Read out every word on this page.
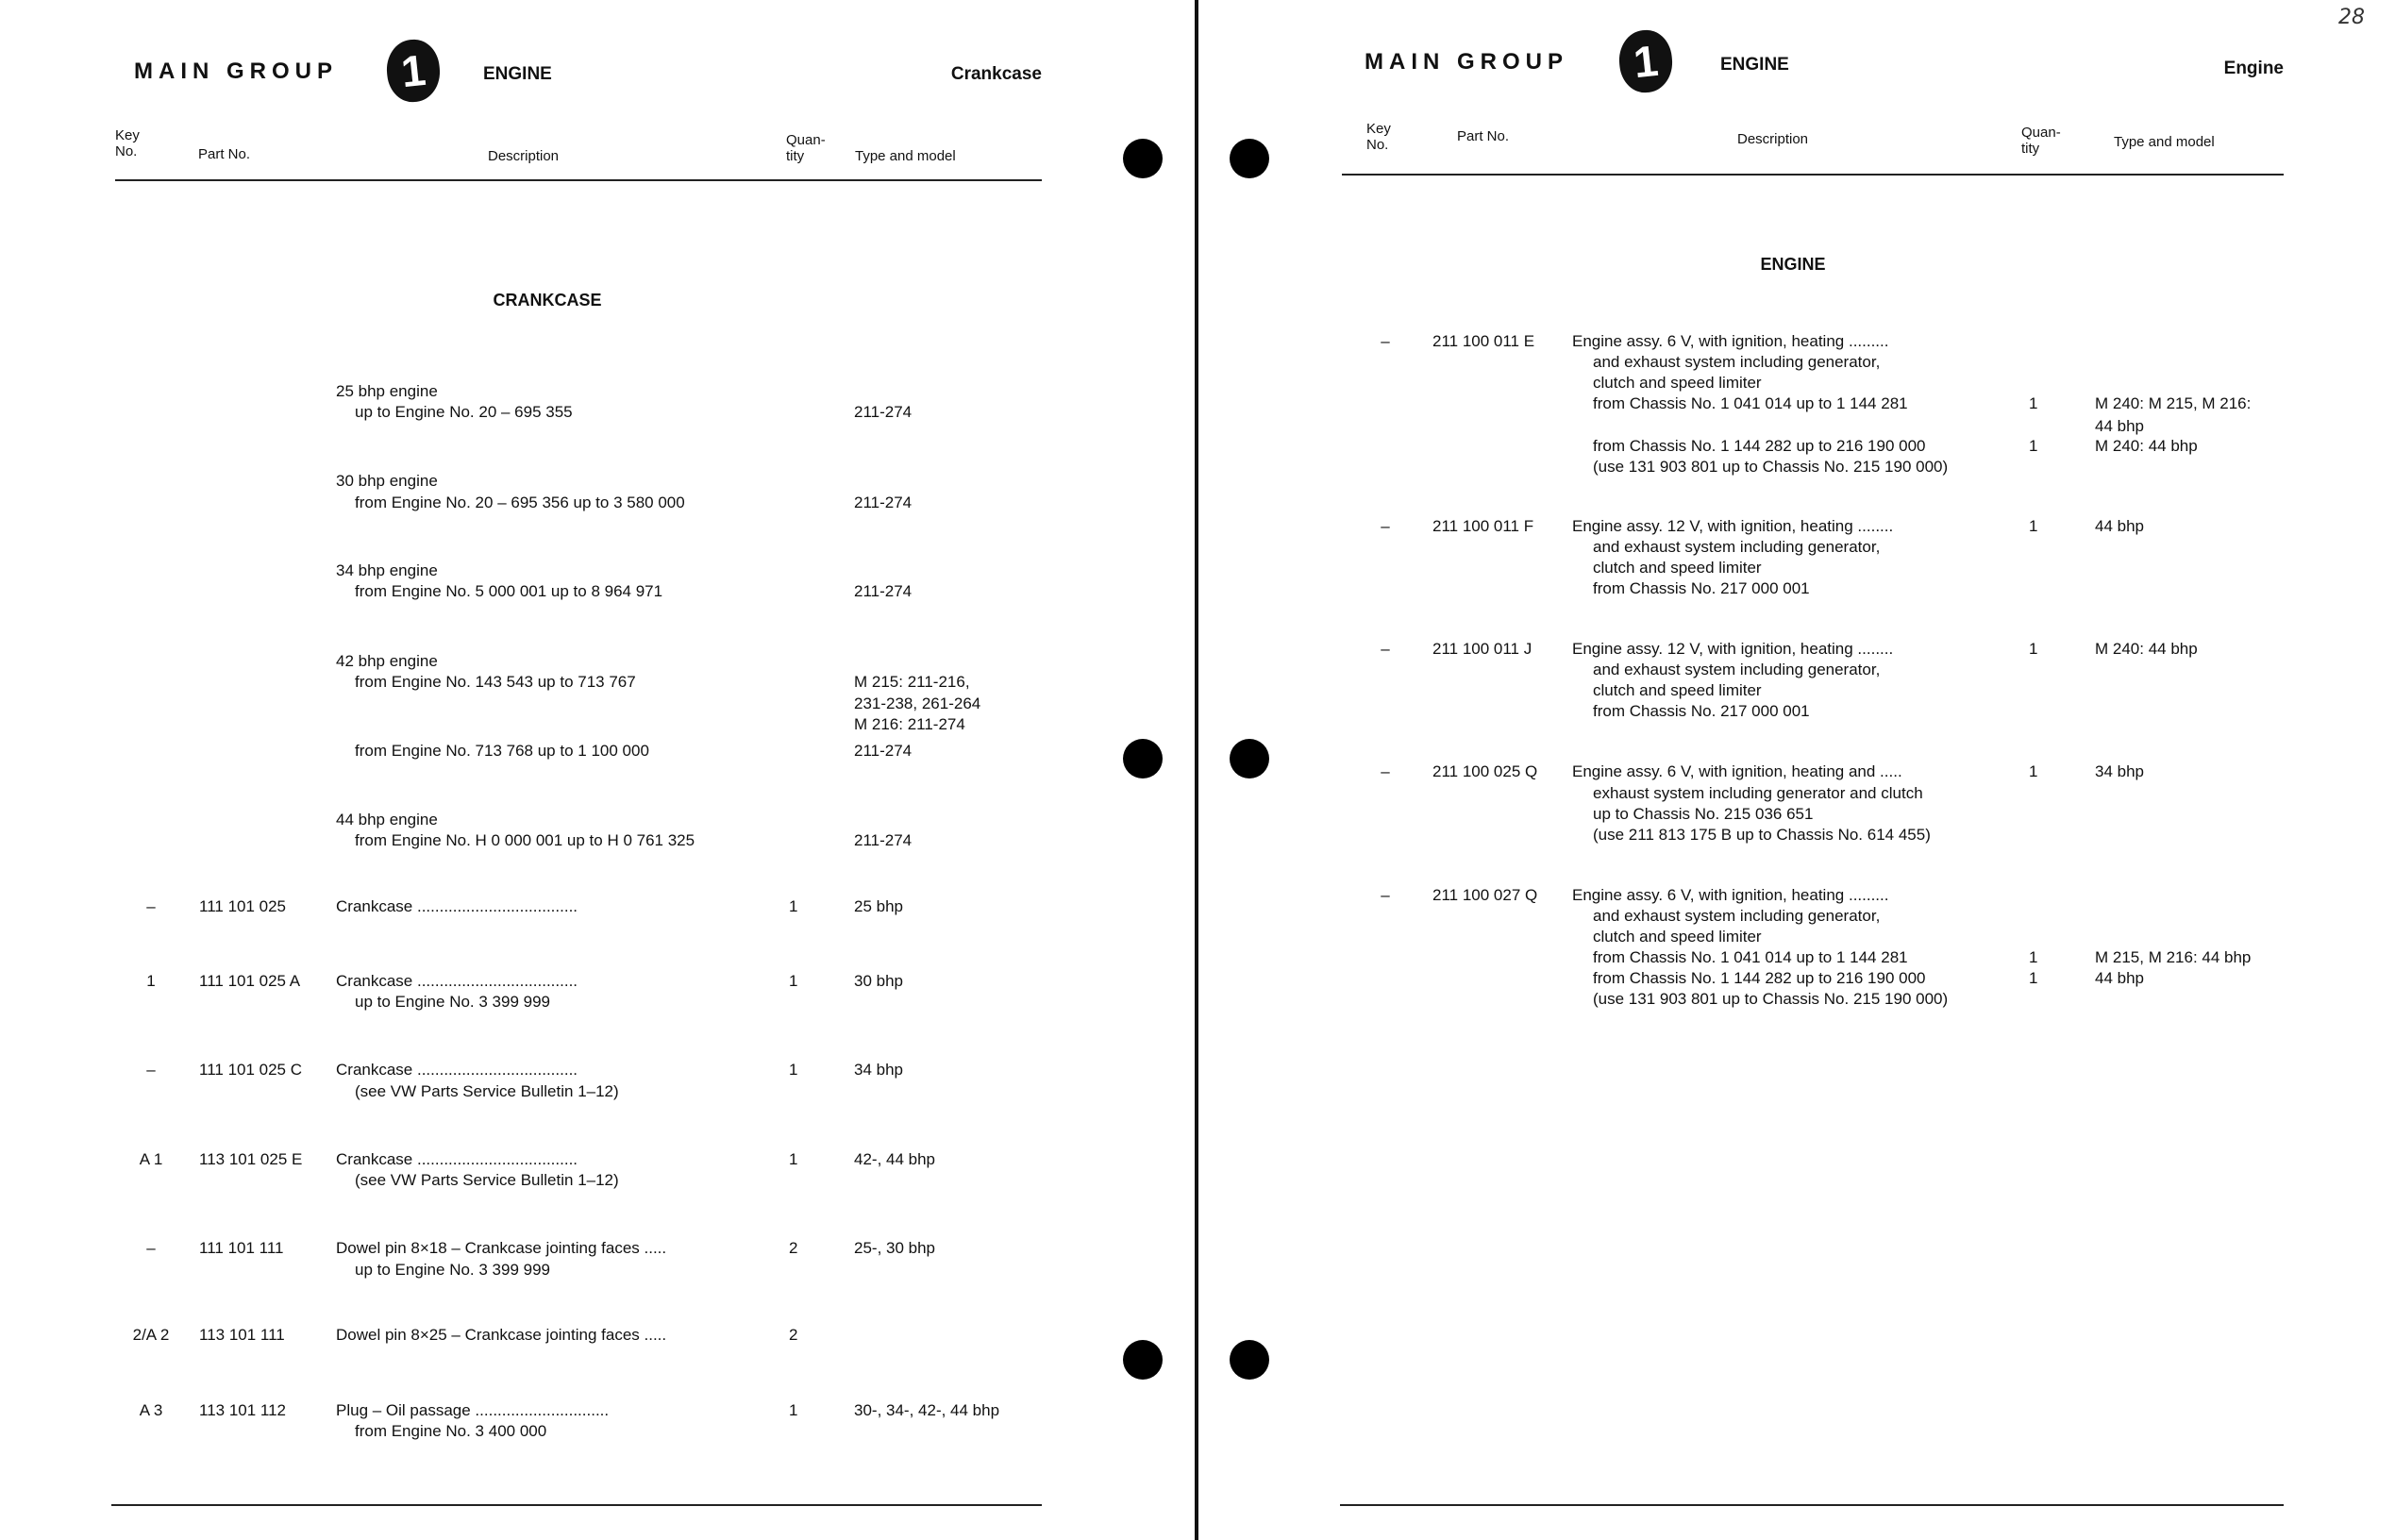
MAIN GROUP	1	ENGINE	Crankcase
Key
No.	Part No.	Description
Quan-
tity	Type and model
CRANKCASE
25 bhp engine
up to Engine No. 20 – 695 355	211-274
30 bhp engine
from Engine No. 20 – 695 356 up to 3 580 000	211-274
34 bhp engine
from Engine No. 5 000 001 up to 8 964 971	211-274
42 bhp engine
from Engine No. 143 543 up to 713 767	M 215: 211-216,
231-238, 261-264
M 216: 211-274
from Engine No. 713 768 up to 1 100 000	211-274
44 bhp engine
from Engine No. H 0 000 001 up to H 0 761 325	211-274
–	111 101 025	Crankcase ....................................	1	25 bhp
1	111 101 025 A Crankcase ....................................	1	30 bhp
up to Engine No. 3 399 999
–	111 101 025 C Crankcase ....................................	1	34 bhp
(see VW Parts Service Bulletin 1–12)
A 1	113 101 025 E Crankcase ....................................	1	42-, 44 bhp
(see VW Parts Service Bulletin 1–12)
–	111 101 111	Dowel pin 8×18 – Crankcase jointing faces .....	2	25-, 30 bhp
up to Engine No. 3 399 999
2/A 2	113 101 111	Dowel pin 8×25 – Crankcase jointing faces .....	2
A 3	113 101 112	Plug – Oil passage ..............................	1	30-, 34-, 42-, 44 bhp
from Engine No. 3 400 000
MAIN GROUP	1	ENGINE	Engine
Key
No.
Part No.	Description	Quan-
tity	Type and model
ENGINE
–	211 100 011 E Engine assy. 6 V, with ignition, heating .........
and exhaust system including generator,
clutch and speed limiter
from Chassis No. 1 041 014 up to 1 144 281	1	M 240: M 215, M 216:
44 bhp
from Chassis No. 1 144 282 up to 216 190 000	1	M 240: 44 bhp
(use 131 903 801 up to Chassis No. 215 190 000)
–	211 100 011 F Engine assy. 12 V, with ignition, heating ........	1	44 bhp
and exhaust system including generator,
clutch and speed limiter
from Chassis No. 217 000 001
–	211 100 011 J	Engine assy. 12 V, with ignition, heating ........	1	M 240: 44 bhp
and exhaust system including generator,
clutch and speed limiter
from Chassis No. 217 000 001
–	211 100 025 Q Engine assy. 6 V, with ignition, heating and .....	1	34 bhp
exhaust system including generator and clutch
up to Chassis No. 215 036 651
(use 211 813 175 B up to Chassis No. 614 455)
–	211 100 027 Q Engine assy. 6 V, with ignition, heating .........
and exhaust system including generator,
clutch and speed limiter
from Chassis No. 1 041 014 up to 1 144 281	1	M 215, M 216: 44 bhp
from Chassis No. 1 144 282 up to 216 190 000	1	44 bhp
(use 131 903 801 up to Chassis No. 215 190 000)
28
